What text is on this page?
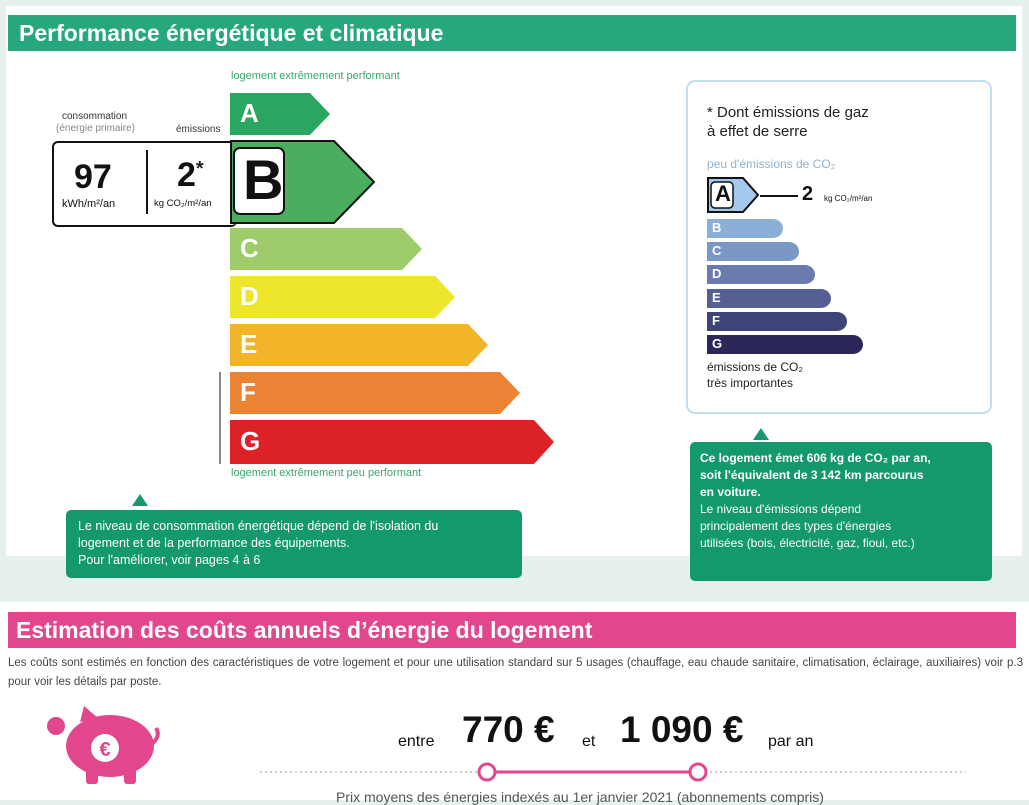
Performance énergétique et climatique
logement extrêmement performant
consommation
(énergie primaire)	émissions
97
kWh/m²/an
2*
kg CO₂/m²/an
A
B
C
D
E
F
G
logement extrêmement peu performant
Le niveau de consommation énergétique dépend de l'isolation du
logement et de la performance des équipements.
Pour l'améliorer, voir pages 4 à 6
* Dont émissions de gaz
à effet de serre
peu d'émissions de CO₂
A	2 kg CO₂/m²/an
B
C
D
E
F
G
émissions de CO₂
très importantes
Ce logement émet 606 kg de CO₂ par an,
soit l'équivalent de 3 142 km parcourus
en voiture.
Le niveau d'émissions dépend
principalement des types d'énergies
utilisées (bois, électricité, gaz, fioul, etc.)
Estimation des coûts annuels d’énergie du logement
Les coûts sont estimés en fonction des caractéristiques de votre logement et pour une utilisation standard sur 5 usages (chauffage, eau chaude sanitaire, climatisation, éclairage, auxiliaires) voir p.3 pour voir les détails par poste.
€	entre 770 € et 1 090 € par an
Prix moyens des énergies indexés au 1er janvier 2021 (abonnements compris)
